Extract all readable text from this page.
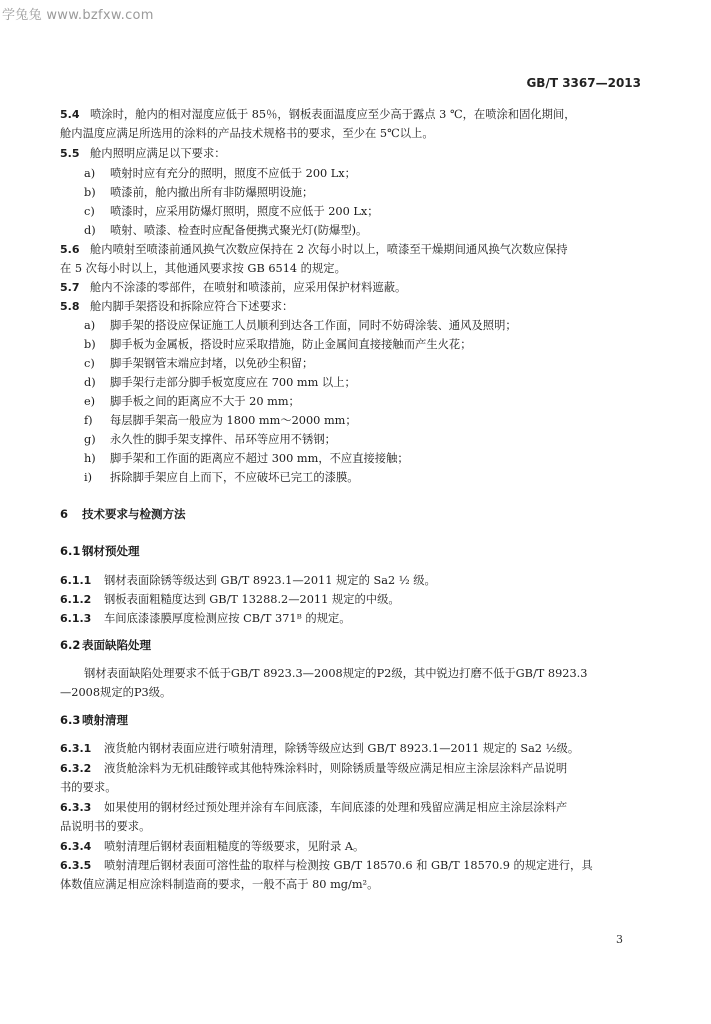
学兔兔 www.bzfxw.com
GB/T 3367—2013
5.4 喷涂时，舱内的相对湿度应低于 85％，钢板表面温度应至少高于露点 3 ℃，在喷涂和固化期间，
舱内温度应满足所选用的涂料的产品技术规格书的要求，至少在 5℃以上。
5.5 舱内照明应满足以下要求：
a) 喷射时应有充分的照明，照度不应低于 200 Lx；
b) 喷漆前，舱内撤出所有非防爆照明设施；
c) 喷漆时，应采用防爆灯照明，照度不应低于 200 Lx；
d) 喷射、喷漆、检查时应配备便携式聚光灯(防爆型)。
5.6 舱内喷射至喷漆前通风换气次数应保持在 2 次每小时以上，喷漆至干燥期间通风换气次数应保持
在 5 次每小时以上，其他通风要求按 GB 6514 的规定。
5.7 舱内不涂漆的零部件，在喷射和喷漆前，应采用保护材料遮蔽。
5.8 舱内脚手架搭设和拆除应符合下述要求：
a) 脚手架的搭设应保证施工人员顺利到达各工作面，同时不妨碍涂装、通风及照明；
b) 脚手板为金属板，搭设时应采取措施，防止金属间直接接触而产生火花；
c) 脚手架钢管末端应封堵，以免砂尘积留；
d) 脚手架行走部分脚手板宽度应在 700 mm 以上；
e) 脚手板之间的距离应不大于 20 mm；
f) 每层脚手架高一般应为 1800 mm～2000 mm；
g) 永久性的脚手架支撑件、吊环等应用不锈钢；
h) 脚手架和工作面的距离应不超过 300 mm，不应直接接触；
i) 拆除脚手架应自上而下，不应破坏已完工的漆膜。
6 技术要求与检测方法
6.1 钢材预处理
6.1.1 钢材表面除锈等级达到 GB/T 8923.1—2011 规定的 Sa2 ½ 级。
6.1.2 钢板表面粗糙度达到 GB/T 13288.2—2011 规定的中级。
6.1.3 车间底漆漆膜厚度检测应按 CB/T 371ᴮ 的规定。
6.2 表面缺陷处理
钢材表面缺陷处理要求不低于GB/T 8923.3—2008规定的P2级，其中锐边打磨不低于GB/T 8923.3
—2008规定的P3级。
6.3 喷射清理
6.3.1 液货舱内钢材表面应进行喷射清理，除锈等级应达到 GB/T 8923.1—2011 规定的 Sa2 ½级。
6.3.2 液货舱涂料为无机硅酸锌或其他特殊涂料时，则除锈质量等级应满足相应主涂层涂料产品说明
书的要求。
6.3.3 如果使用的钢材经过预处理并涂有车间底漆，车间底漆的处理和残留应满足相应主涂层涂料产
品说明书的要求。
6.3.4 喷射清理后钢材表面粗糙度的等级要求，见附录 A。
6.3.5 喷射清理后钢材表面可溶性盐的取样与检测按 GB/T 18570.6 和 GB/T 18570.9 的规定进行，具
体数值应满足相应涂料制造商的要求，一般不高于 80 mg/m²。
3
